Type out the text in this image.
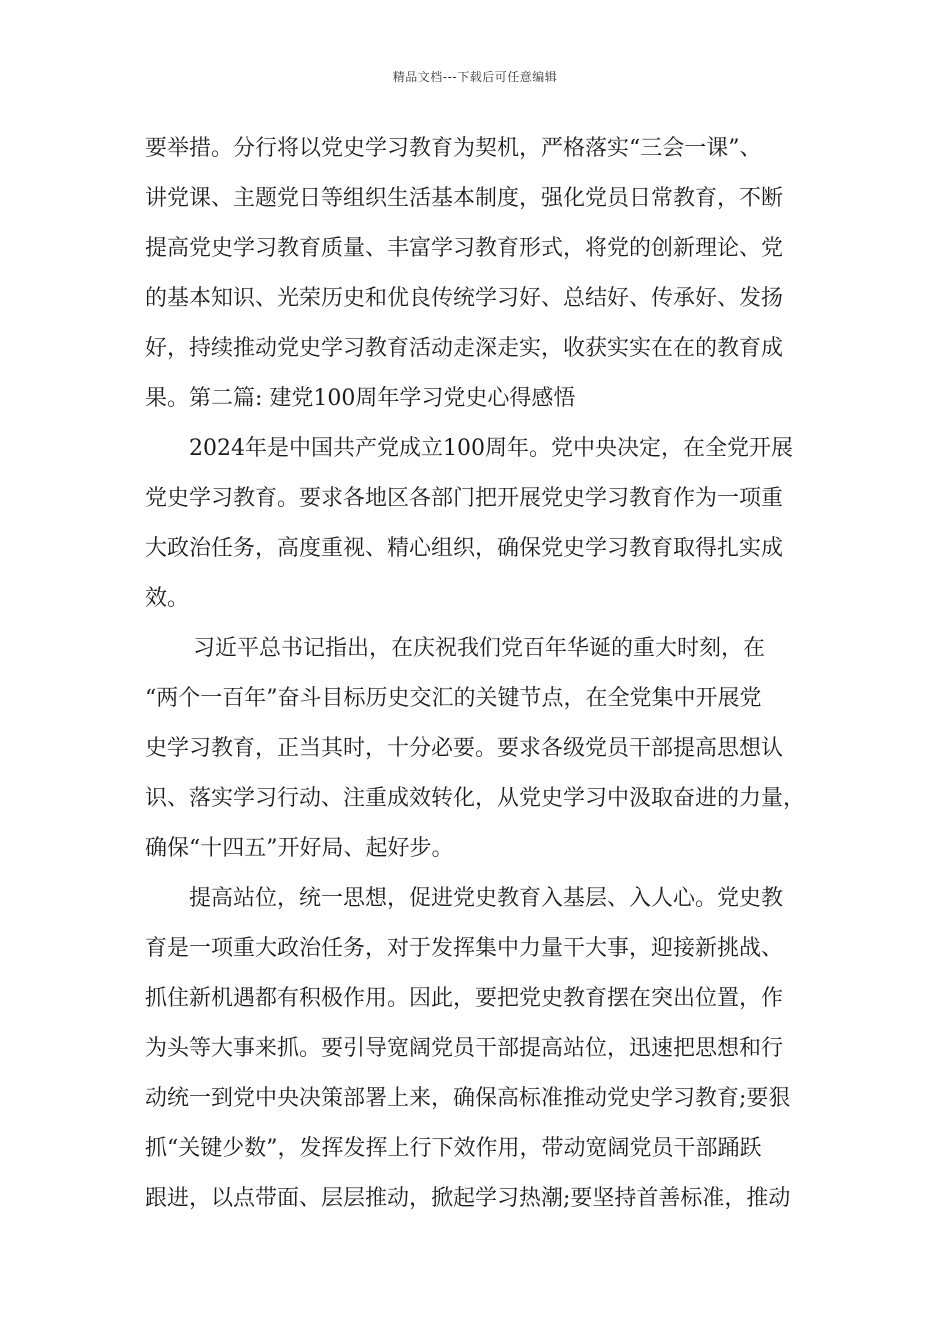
精品文档---下载后可任意编辑

要举措。分行将以党史学习教育为契机，严格落实“三会一课”、
讲党课、主题党日等组织生活基本制度，强化党员日常教育，不断
提高党史学习教育质量、丰富学习教育形式，将党的创新理论、党
的基本知识、光荣历史和优良传统学习好、总结好、传承好、发扬
好，持续推动党史学习教育活动走深走实，收获实实在在的教育成
果。第二篇: 建党100周年学习党史心得感悟

2024年是中国共产党成立100周年。党中央决定，在全党开展
党史学习教育。要求各地区各部门把开展党史学习教育作为一项重
大政治任务，高度重视、精心组织，确保党史学习教育取得扎实成
效。

习近平总书记指出，在庆祝我们党百年华诞的重大时刻，在
“两个一百年”奋斗目标历史交汇的关键节点，在全党集中开展党
史学习教育，正当其时，十分必要。要求各级党员干部提高思想认
识、落实学习行动、注重成效转化，从党史学习中汲取奋进的力量，
确保“十四五”开好局、起好步。

提高站位，统一思想，促进党史教育入基层、入人心。党史教
育是一项重大政治任务，对于发挥集中力量干大事，迎接新挑战、
抓住新机遇都有积极作用。因此，要把党史教育摆在突出位置，作
为头等大事来抓。要引导宽阔党员干部提高站位，迅速把思想和行
动统一到党中央决策部署上来，确保高标准推动党史学习教育;要狠
抓“关键少数”，发挥发挥上行下效作用，带动宽阔党员干部踊跃
跟进，以点带面、层层推动，掀起学习热潮;要坚持首善标准，推动
